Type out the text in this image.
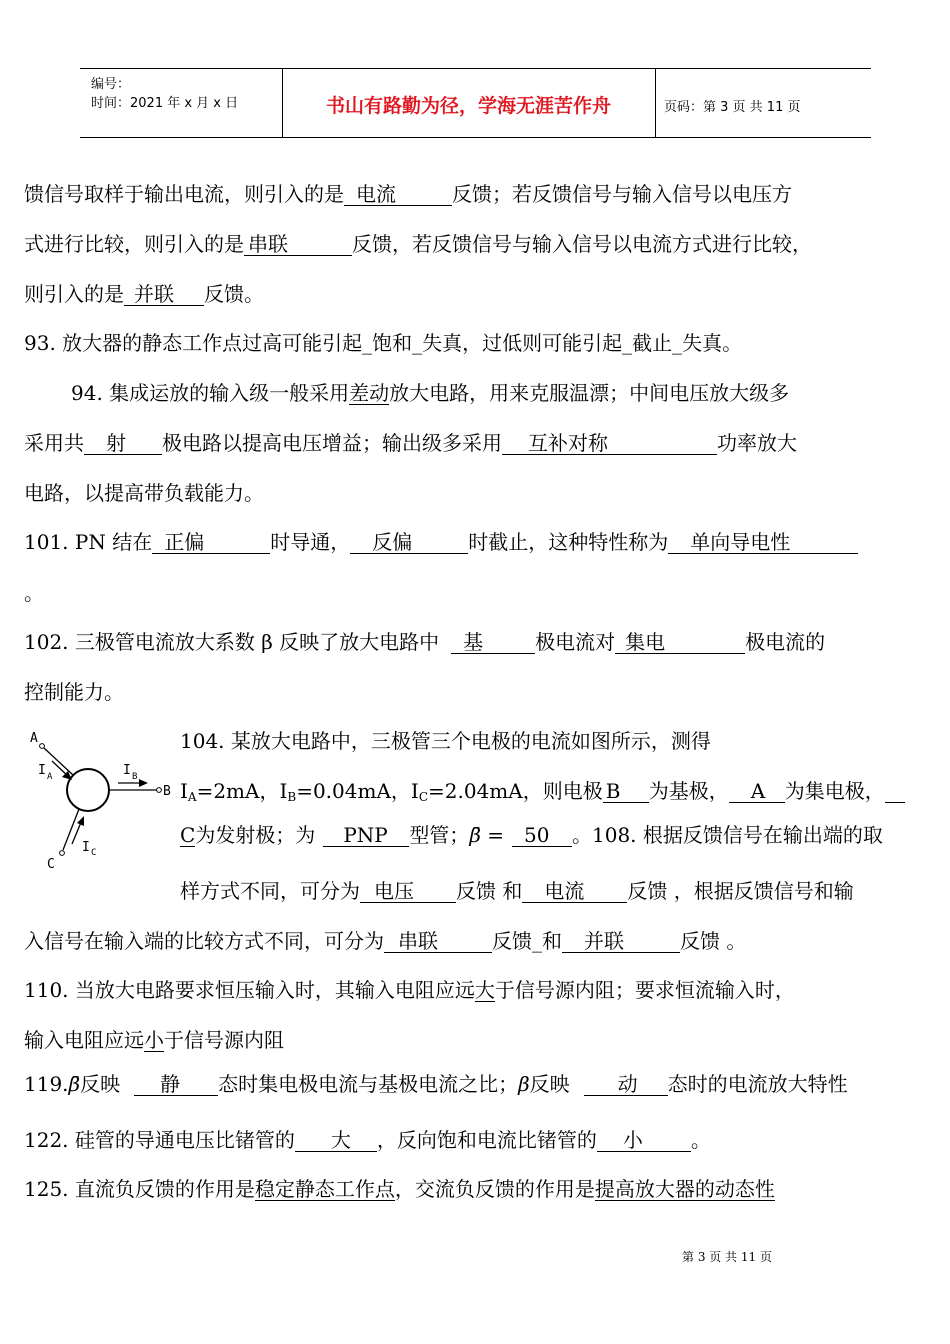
编号：
时间：2021 年 x 月 x 日	书山有路勤为径，学海无涯苦作舟	页码：第 3 页 共 11 页
馈信号取样于输出电流，则引入的是 电流	反馈；若反馈信号与输入信号以电压方
式进行比较，则引入的是 串联	反馈，若反馈信号与输入信号以电流方式进行比较，
则引入的是 并联 反馈。
93. 放大器的静态工作点过高可能引起_饱和_失真，过低则可能引起_截止_失真。
94. 集成运放的输入级一般采用差动放大电路，用来克服温漂；中间电压放大级多
采用共 射 极电路以提高电压增益；输出级多采用 互补对称	功率放大
电路，以提高带负载能力。
101. PN 结在 正偏	时导通， 反偏	时截止，这种特性称为 单向导电性
。
102. 三极管电流放大系数 β 反映了放大电路中 基	极电流对 集电	极电流的
控制能力。
A
B
C
I A	I B
I C
104. 某放大电路中，三极管三个电极的电流如图所示，测得
$I_A=2mA$，$I_B=0.04mA$，$I_C=2.04mA$，则电极 B 为基极， A 为集电极，
C为发射极；为 PNP 型管；β̄ = 50 。108. 根据反馈信号在输出端的取
样方式不同，可分为 电压 反馈 和 电流 反馈 ，根据反馈信号和输
入信号在输入端的比较方式不同，可分为 串联	反馈_和 并联	反馈 。
110. 当放大电路要求恒压输入时，其输入电阻应远大于信号源内阻；要求恒流输入时，
输入电阻应远小于信号源内阻
119.β̄反映 静 态时集电极电流与基极电流之比；β反映 动 态时的电流放大特性
122. 硅管的导通电压比锗管的 大 ，反向饱和电流比锗管的 小 。
125. 直流负反馈的作用是稳定静态工作点，交流负反馈的作用是提高放大器的动态性
第 3 页 共 11 页
